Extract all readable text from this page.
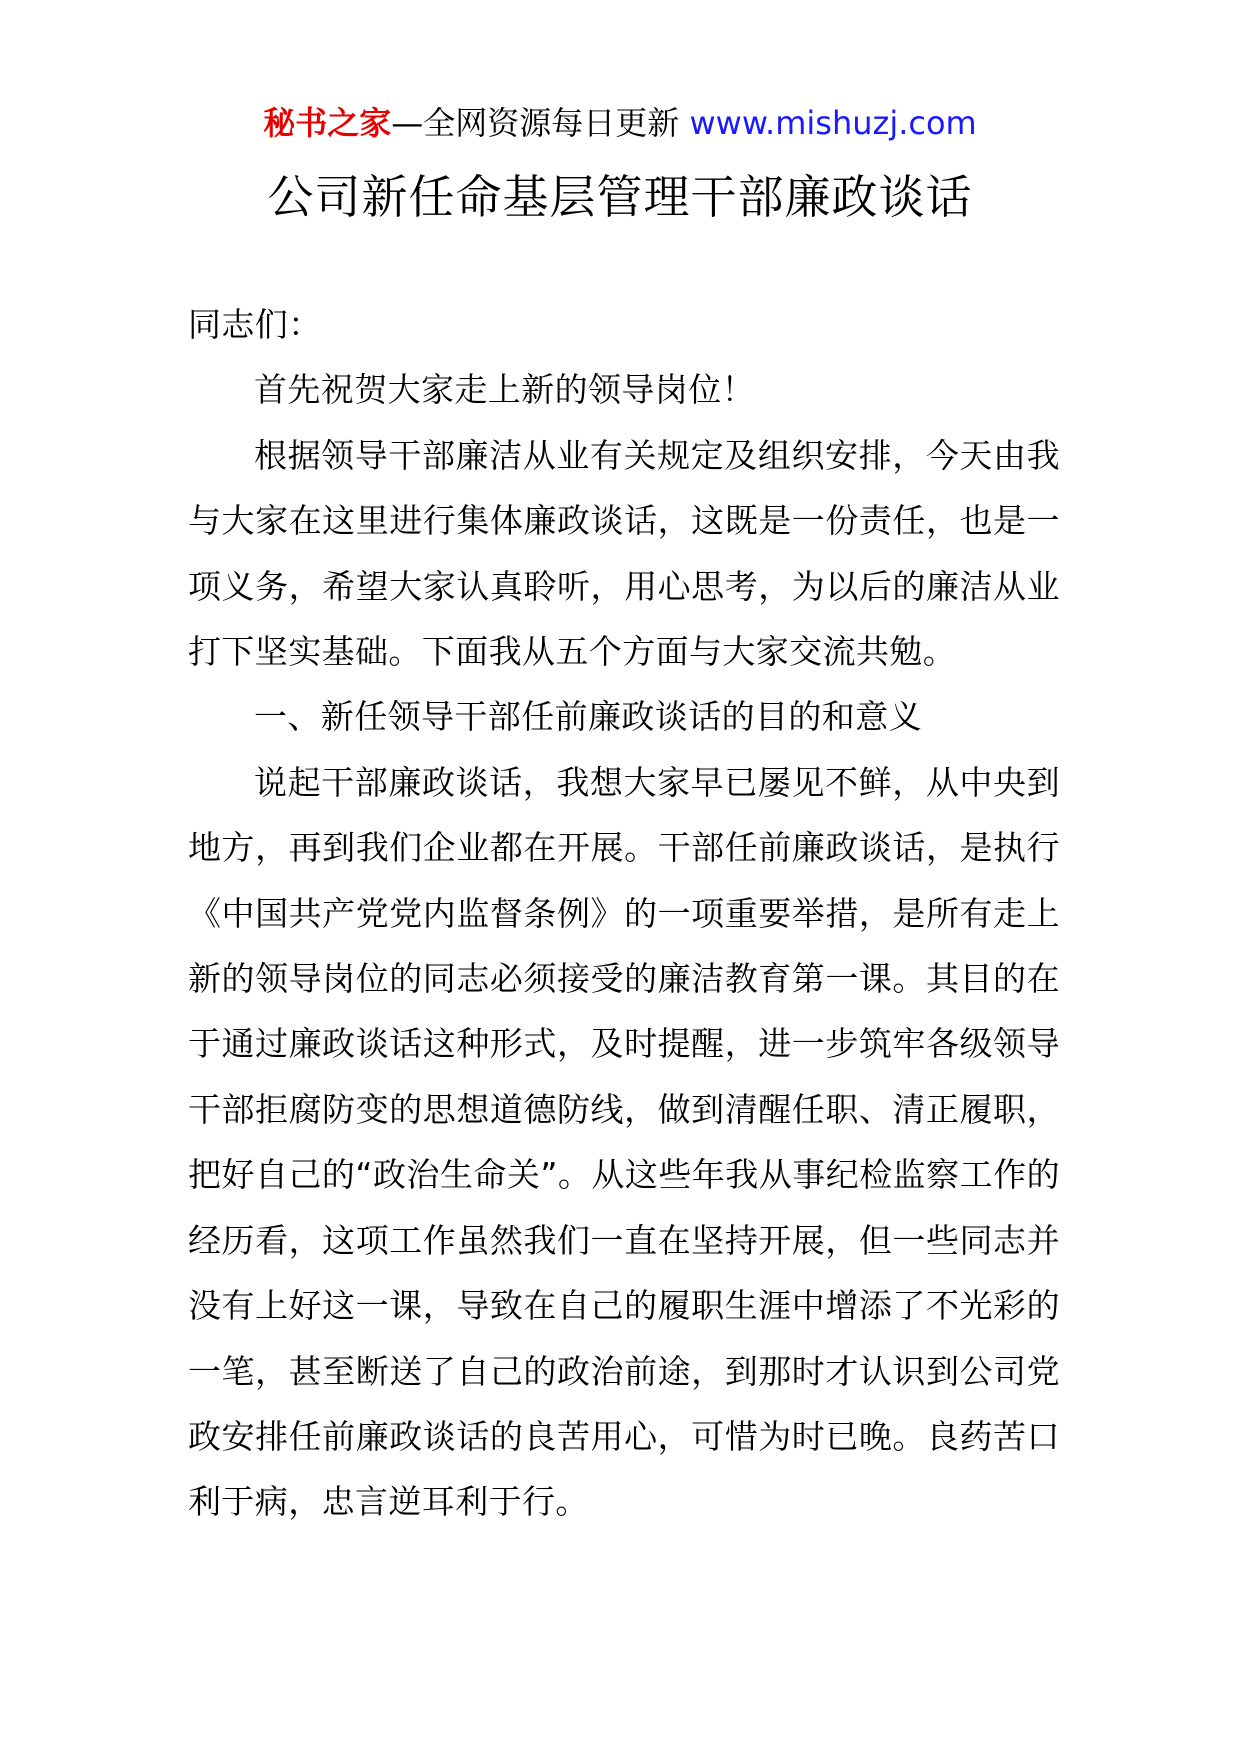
秘书之家—全网资源每日更新 www.mishuzj.com
公司新任命基层管理干部廉政谈话

同志们：

首先祝贺大家走上新的领导岗位！

根据领导干部廉洁从业有关规定及组织安排，今天由我与大家在这里进行集体廉政谈话，这既是一份责任，也是一项义务，希望大家认真聆听，用心思考，为以后的廉洁从业打下坚实基础。下面我从五个方面与大家交流共勉。

一、新任领导干部任前廉政谈话的目的和意义

说起干部廉政谈话，我想大家早已屡见不鲜，从中央到地方，再到我们企业都在开展。干部任前廉政谈话，是执行《中国共产党党内监督条例》的一项重要举措，是所有走上新的领导岗位的同志必须接受的廉洁教育第一课。其目的在于通过廉政谈话这种形式，及时提醒，进一步筑牢各级领导干部拒腐防变的思想道德防线，做到清醒任职、清正履职，把好自己的“政治生命关”。从这些年我从事纪检监察工作的经历看，这项工作虽然我们一直在坚持开展，但一些同志并没有上好这一课，导致在自己的履职生涯中增添了不光彩的一笔，甚至断送了自己的政治前途，到那时才认识到公司党政安排任前廉政谈话的良苦用心，可惜为时已晚。良药苦口利于病，忠言逆耳利于行。
